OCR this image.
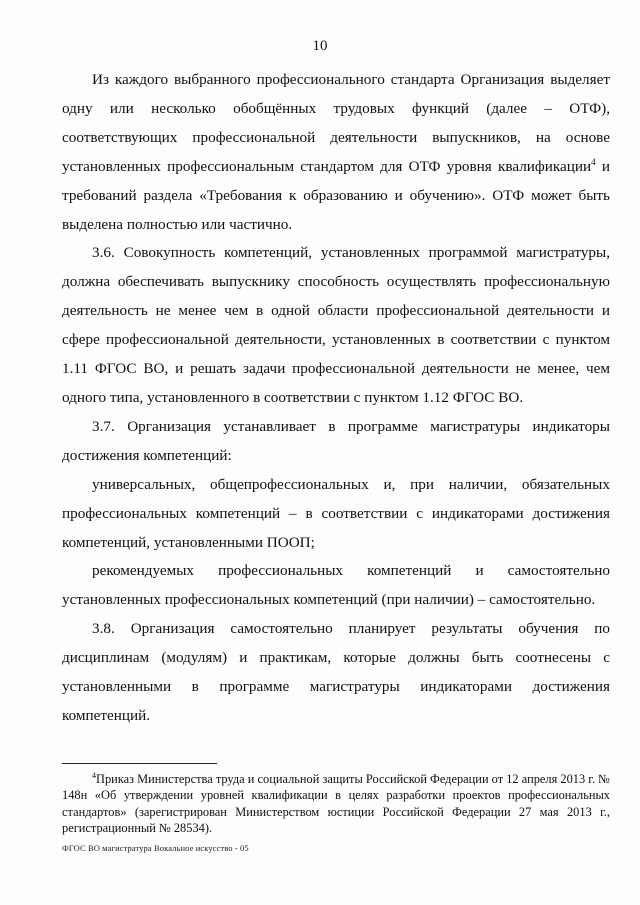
10

Из каждого выбранного профессионального стандарта Организация выделяет одну или несколько обобщённых трудовых функций (далее – ОТФ), соответствующих профессиональной деятельности выпускников, на основе установленных профессиональным стандартом для ОТФ уровня квалификации$^4$ и требований раздела «Требования к образованию и обучению». ОТФ может быть выделена полностью или частично.

3.6. Совокупность компетенций, установленных программой магистратуры, должна обеспечивать выпускнику способность осуществлять профессиональную деятельность не менее чем в одной области профессиональной деятельности и сфере профессиональной деятельности, установленных в соответствии с пунктом 1.11 ФГОС ВО, и решать задачи профессиональной деятельности не менее, чем одного типа, установленного в соответствии с пунктом 1.12 ФГОС ВО.

3.7. Организация устанавливает в программе магистратуры индикаторы достижения компетенций:

универсальных, общепрофессиональных и, при наличии, обязательных профессиональных компетенций – в соответствии с индикаторами достижения компетенций, установленными ПООП;

рекомендуемых профессиональных компетенций и самостоятельно установленных профессиональных компетенций (при наличии) – самостоятельно.

3.8. Организация самостоятельно планирует результаты обучения по дисциплинам (модулям) и практикам, которые должны быть соотнесены с установленными в программе магистратуры индикаторами достижения компетенций.

$^4$Приказ Министерства труда и социальной защиты Российской Федерации от 12 апреля 2013 г. № 148н «Об утверждении уровней квалификации в целях разработки проектов профессиональных стандартов» (зарегистрирован Министерством юстиции Российской Федерации 27 мая 2013 г., регистрационный № 28534).

ФГОС ВО магистратура Вокальное искусство - 05
